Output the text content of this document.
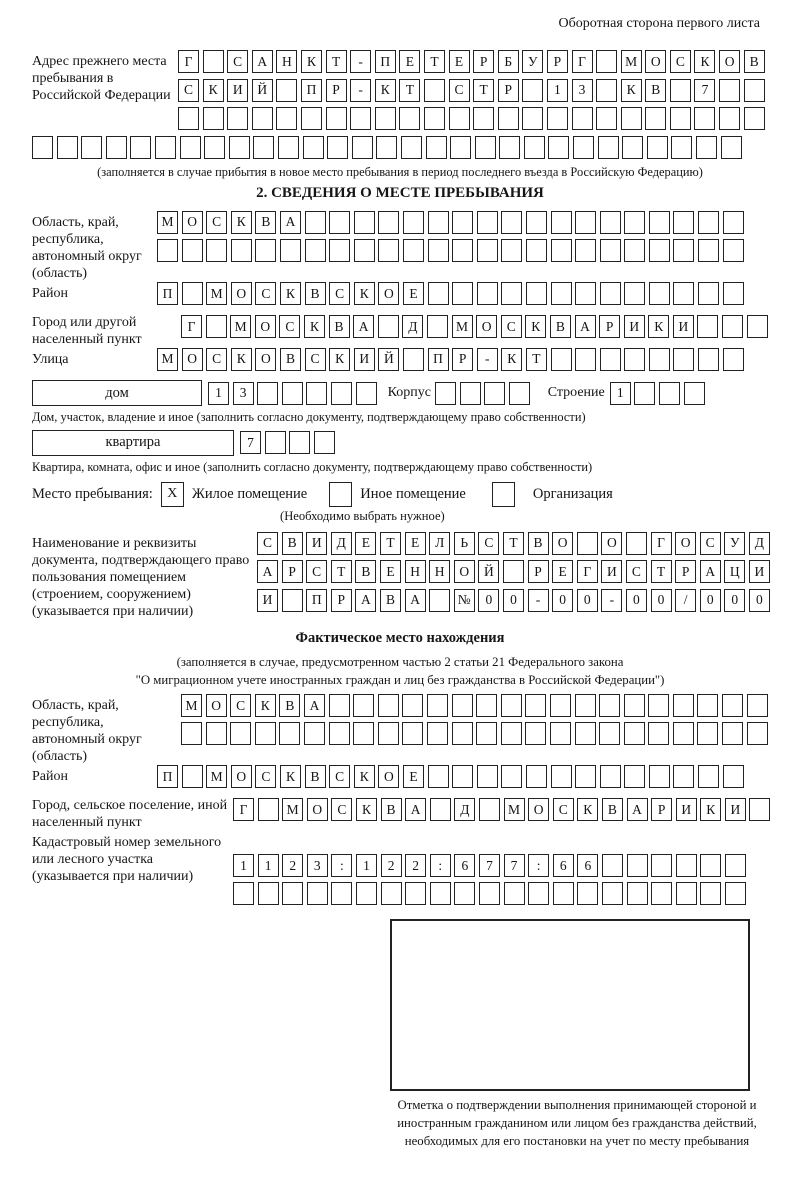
Оборотная сторона первого листа
Адрес прежнего места пребывания в Российской Федерации
Г	С	А	Н	К	Т	-	П	Е	Т	Е	Р	Б	У	Р	Г	М	О	С	К	О	В
С	К	И	Й	П	Р	-	К	Т	С	Т	Р	1	3	К	В	7
(заполняется в случае прибытия в новое место пребывания в период последнего въезда в Российскую Федерацию)
2. СВЕДЕНИЯ О МЕСТЕ ПРЕБЫВАНИЯ
Область, край, республика, автономный округ (область)
М	О	С	К	В	А
Район	П	М	О	С	К	В	С	К	О	Е
Город или другой населенный пункт
Г	М	О	С	К	В	А	Д	М	О	С	К	В	А	Р	И	К	И
Улица	М	О	С	К	О	В	С	К	И	Й	П	Р	-	К	Т
дом	1	3	Корпус	Строение 1
Дом, участок, владение и иное (заполнить согласно документу, подтверждающему право собственности)
квартира	7
Квартира, комната, офис и иное (заполнить согласно документу, подтверждающему право собственности)
Место пребывания:	X Жилое помещение	Иное помещение	Организация
(Необходимо выбрать нужное)
Наименование и реквизиты документа, подтверждающего право пользования помещением (строением, сооружением) (указывается при наличии)
С	В	И	Д	Е	Т	Е	Л	Ь	С	Т	В	О	О	Г	О	С	У	Д
А	Р	С	Т	В	Е	Н	Н	О	Й	Р	Е	Г	И	С	Т	Р	А	Ц	И
И	П	Р	А	В	А	№	0	0	-	0	0	-	0	0	/	0	0	0
Фактическое место нахождения
(заполняется в случае, предусмотренном частью 2 статьи 21 Федерального закона
"О миграционном учете иностранных граждан и лиц без гражданства в Российской Федерации")
Область, край, республика, автономный округ (область)
М	О	С	К	В	А
Район	П	М	О	С	К	В	С	К	О	Е
Город, сельское поселение, иной населенный пункт
Г	М	О	С	К	В	А	Д	М	О	С	К	В	А	Р	И	К	И
Кадастровый номер земельного или лесного участка (указывается при наличии)
1	1	2	3	:	1	2	2	:	6	7	7	:	6	6
Отметка о подтверждении выполнения принимающей стороной и иностранным гражданином или лицом без гражданства действий, необходимых для его постановки на учет по месту пребывания
